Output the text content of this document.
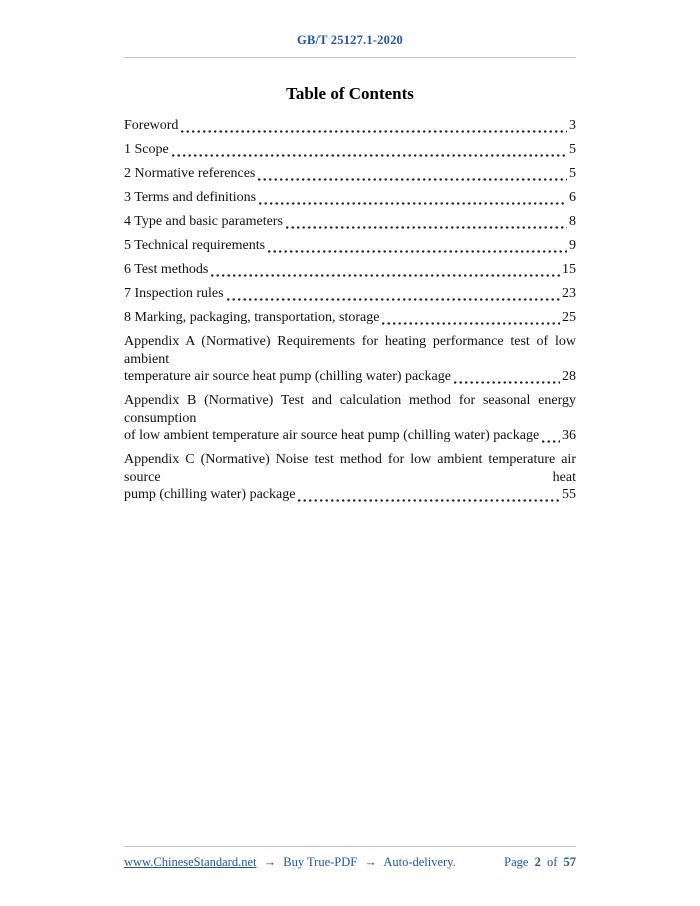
GB/T 25127.1-2020
Table of Contents
Foreword	3
1 Scope	5
2 Normative references	5
3 Terms and definitions	6
4 Type and basic parameters	8
5 Technical requirements	9
6 Test methods	15
7 Inspection rules	23
8 Marking, packaging, transportation, storage	25
Appendix A (Normative) Requirements for heating performance test of low ambient
temperature air source heat pump (chilling water) package	28
Appendix B (Normative) Test and calculation method for seasonal energy consumption
of low ambient temperature air source heat pump (chilling water) package 36
Appendix C (Normative) Noise test method for low ambient temperature air source heat
pump (chilling water) package	55
www.ChineseStandard.net → Buy True-PDF → Auto-delivery.	Page 2 of 57
